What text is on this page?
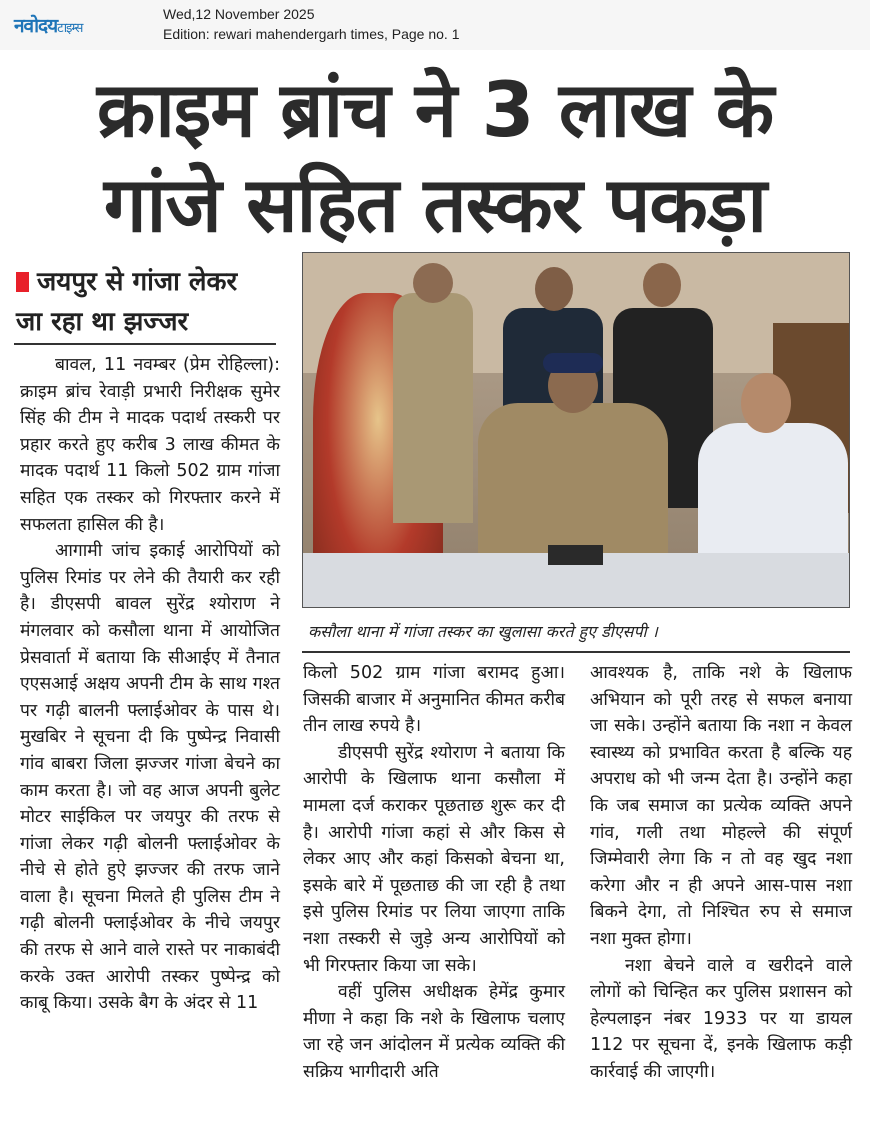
नवोदयटाइम्स
Wed,12 November 2025
Edition: rewari mahendergarh times, Page no. 1
क्राइम ब्रांच ने 3 लाख के
गांजे सहित तस्कर पकड़ा
जयपुर से गांजा लेकर
जा रहा था झज्जर
कसौला थाना में गांजा तस्कर का खुलासा करते हुए डीएसपी ।

बावल, 11 नवम्बर (प्रेम रोहिल्ला): क्राइम ब्रांच रेवाड़ी प्रभारी निरीक्षक सुमेर सिंह की टीम ने मादक पदार्थ तस्करी पर प्रहार करते हुए करीब 3 लाख कीमत के मादक पदार्थ 11 किलो 502 ग्राम गांजा सहित एक तस्कर को गिरफ्तार करने में सफलता हासिल की है।

आगामी जांच इकाई आरोपियों को पुलिस रिमांड पर लेने की तैयारी कर रही है। डीएसपी बावल सुरेंद्र श्योराण ने मंगलवार को कसौला थाना में आयोजित प्रेसवार्ता में बताया कि सीआईए में तैनात एएसआई अक्षय अपनी टीम के साथ गश्त पर गढ़ी बालनी फ्लाईओवर के पास थे। मुखबिर ने सूचना दी कि पुष्पेन्द्र निवासी गांव बाबरा जिला झज्जर गांजा बेचने का काम करता है। जो वह आज अपनी बुलेट मोटर साईकिल पर जयपुर की तरफ से गांजा लेकर गढ़ी बोलनी फ्लाईओवर के नीचे से होते हुऐ झज्जर की तरफ जाने वाला है। सूचना मिलते ही पुलिस टीम ने गढ़ी बोलनी फ्लाईओवर के नीचे जयपुर की तरफ से आने वाले रास्ते पर नाकाबंदी करके उक्त आरोपी तस्कर पुष्पेन्द्र को काबू किया। उसके बैग के अंदर से 11

किलो 502 ग्राम गांजा बरामद हुआ। जिसकी बाजार में अनुमानित कीमत करीब तीन लाख रुपये है।

डीएसपी सुरेंद्र श्योराण ने बताया कि आरोपी के खिलाफ थाना कसौला में मामला दर्ज कराकर पूछताछ शुरू कर दी है। आरोपी गांजा कहां से और किस से लेकर आए और कहां किसको बेचना था, इसके बारे में पूछताछ की जा रही है तथा इसे पुलिस रिमांड पर लिया जाएगा ताकि नशा तस्करी से जुड़े अन्य आरोपियों को भी गिरफ्तार किया जा सके।

वहीं पुलिस अधीक्षक हेमेंद्र कुमार मीणा ने कहा कि नशे के खिलाफ चलाए जा रहे जन आंदोलन में प्रत्येक व्यक्ति की सक्रिय भागीदारी अति

आवश्यक है, ताकि नशे के खिलाफ अभियान को पूरी तरह से सफल बनाया जा सके। उन्होंने बताया कि नशा न केवल स्वास्थ्य को प्रभावित करता है बल्कि यह अपराध को भी जन्म देता है। उन्होंने कहा कि जब समाज का प्रत्येक व्यक्ति अपने गांव, गली तथा मोहल्ले की संपूर्ण जिम्मेवारी लेगा कि न तो वह खुद नशा करेगा और न ही अपने आस-पास नशा बिकने देगा, तो निश्चित रुप से समाज नशा मुक्त होगा।

नशा बेचने वाले व खरीदने वाले लोगों को चिन्हित कर पुलिस प्रशासन को हेल्पलाइन नंबर 1933 पर या डायल 112 पर सूचना दें, इनके खिलाफ कड़ी कार्रवाई की जाएगी।
